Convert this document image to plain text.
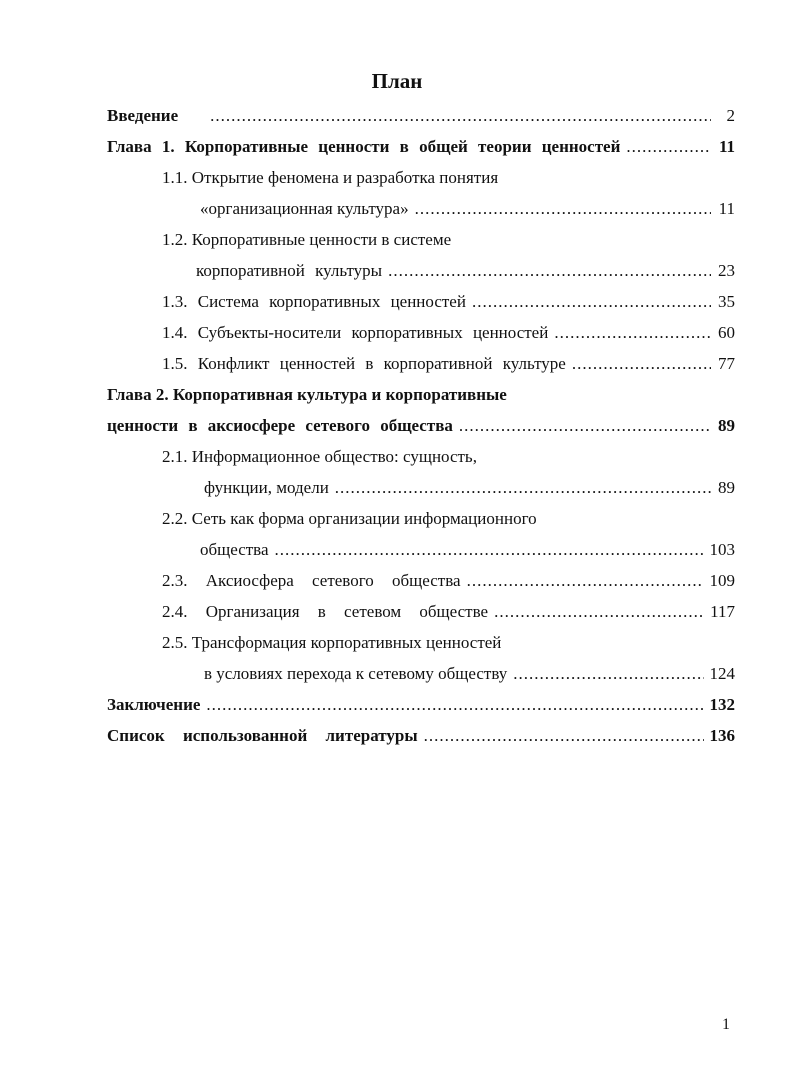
План
Введение .....	2
Глава 1. Корпоративные ценности в общей теории ценностей .....	11
1.1. Открытие феномена и разработка понятия
«организационная культура» .....	11
1.2. Корпоративные ценности в системе
корпоративной культуры .....	23
1.3. Система корпоративных ценностей .....	35
1.4. Субъекты-носители корпоративных ценностей .....	60
1.5. Конфликт ценностей в корпоративной культуре .....	77
Глава 2. Корпоративная культура и корпоративные
ценности в аксиосфере сетевого общества .....	89
2.1. Информационное общество: сущность,
функции, модели .....	89
2.2. Сеть как форма организации информационного
общества .....	103
2.3. Аксиосфера сетевого общества .....	109
2.4. Организация в сетевом обществе .....	117
2.5. Трансформация корпоративных ценностей
в условиях перехода к сетевому обществу .....	124
Заключение .....	132
Список использованной литературы .....	136
1
